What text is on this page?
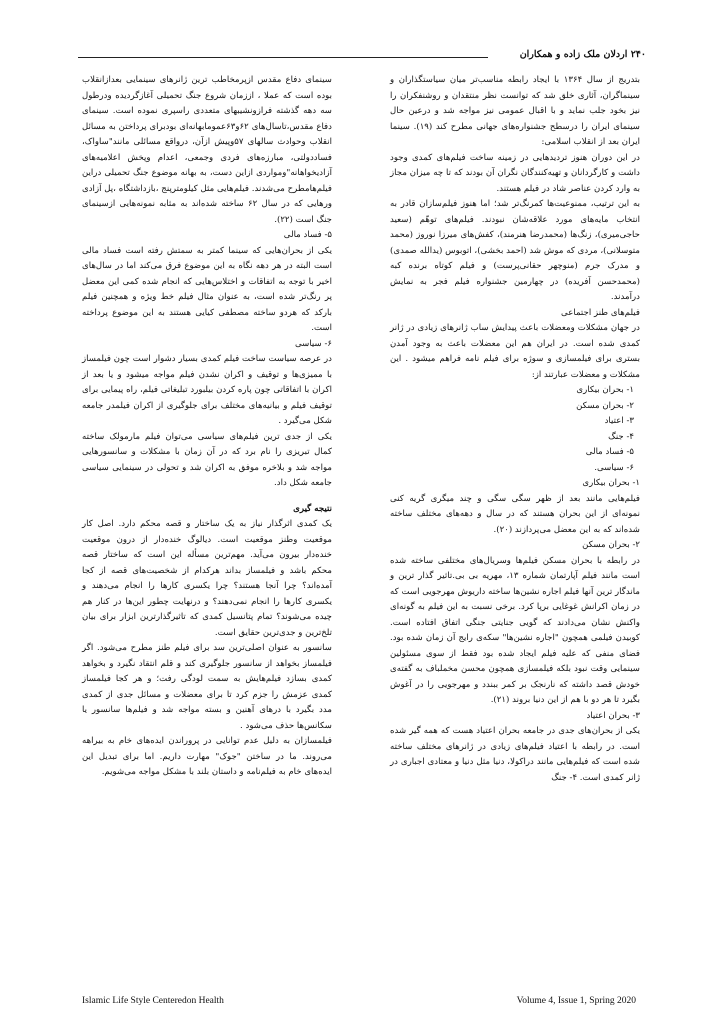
۲۴۰ اردلان ملک زاده و همکاران

بتدریج از سال ۱۳۶۴ با ایجاد رابطه مناسب‌تر میان سیاستگذاران و سینماگران، آثاری خلق شد که توانست نظر منتقدان و روشنفکران را نیز بخود جلب نماید و با اقبال عمومی نیز مواجه شد و درعین حال سینمای ایران را درسطح جشنواره‌های جهانی مطرح کند (۱۹). سینما ایران بعد از انقلاب اسلامی:

در این دوران هنوز تردیدهایی در زمینه ساخت فیلم‌های کمدی وجود داشت و کارگردانان و تهیه‌کنندگان نگران آن بودند که تا چه میزان مجاز به وارد کردن عناصر شاد در فیلم هستند.

به این ترتیب، ممنوعیت‌ها کمرنگ‌تر شد؛ اما هنوز فیلم‌سازان قادر به انتخاب مایه‌های مورد علاقه‌شان نبودند. فیلم‌های توهّم (سعید حاجی‌میری)، زنگ‌ها (محمدرضا هنرمند)، کفش‌های میرزا نوروز (محمد متوسلانی)، مردی که موش شد (احمد بخشی)، اتوبوس (یدالله صمدی) و مدرک جرم (منوچهر حقانی‌پرست) و فیلم کوتاه برنده کبه (محمدحسن آفریده) در چهارمین جشنواره فیلم فجر به نمایش درآمدند.

فیلم‌های طنز اجتماعی

در جهان مشکلات ومعضلات باعث پیدایش ساب ژانرهای زیادی در ژانر کمدی شده است. در ایران هم این معضلات باعث به وجود آمدن بستری برای فیلمسازی و سوژه برای فیلم نامه فراهم میشود . این مشکلات و معضلات عبارتند از:

۱- بحران بیکاری
۲- بحران مسکن
۳- اعتیاد
۴- جنگ
۵- فساد مالی
۶- سیاسی.

۱- بحران بیکاری

فیلم‌هایی مانند بعد از ظهر سگی سگی و چند میگری گریه کنی نمونه‌ای از این بحران هستند که در سال و دهه‌های مختلف ساخته شده‌اند که به این معضل می‌پردازند (۲۰).

۲- بحران مسکن

در رابطه با بحران مسکن فیلم‌ها وسریال‌های مختلفی ساخته شده است مانند فیلم آپارتمان شماره ۱۳، مهریه بی بی.تاثیر گذار ترین و ماندگار ترین آنها فیلم اجاره نشین‌ها ساخته داریوش مهرجویی است که در زمان اکرانش غوغایی برپا کرد. برخی نسبت به این فیلم به گونه‌ای واکنش نشان می‌دادند که گویی جنایتی جنگی اتفاق افتاده است. کوبیدن فیلمی همچون "اجاره نشین‌ها" سکه‌ی رایج آن زمان شده بود. فضای منفی که علیه فیلم ایجاد شده بود فقط از سوی مسئولین سینمایی وقت نبود بلکه فیلمسازی همچون محسن مخملباف به گفته‌ی خودش قصد داشته که نارنجک بر کمر ببندد و مهرجویی را در آغوش بگیرد تا هر دو با هم از این دنیا بروند (۲۱).

۳- بحران اعتیاد

یکی از بحران‌های جدی در جامعه بحران اعتیاد هست که همه گیر شده است. در رابطه با اعتیاد فیلم‌های زیادی در ژانرهای مختلف ساخته شده است که فیلم‌هایی مانند دراکولا، دنیا مثل دنیا و معتادی اجباری در ژانر کمدی است. ۴- جنگ

سینمای دفاع مقدس ازپرمخاطب ترین ژانرهای سینمایی بعدازانقلاب بوده است که عملا ، اززمان شروع جنگ تحمیلی آغازگردیده ودرطول سه دهه گذشته فرازونشیبهای متعددی راسپری نموده است. سینمای دفاع مقدس،تاسال‌های ۶۲و۶۳عمومابهانه‌ای بودبرای پرداختن به مسائل انقلاب وحوادث سالهای ۵۷وپیش ازآن، درواقع مسائلی مانند"ساواک، فساددولتی، مبارزه‌های فردی وجمعی، اعدام وپخش اعلامیه‌های آزادیخواهانه"ومواردی ازاین دست، به بهانه موضوع جنگ تحمیلی دراین فیلم‌هامطرح می‌شدند. فیلم‌هایی مثل کیلومترپنج ،بازداشتگاه ،پل آزادی ورهایی که در سال ۶۲ ساخته شده‌اند به مثابه نمونه‌هایی ازسینمای جنگ است (۲۲).

۵- فساد مالی

یکی از بحران‌هایی که سینما کمتر به سمتش رفته است فساد مالی است البته در هر دهه نگاه به این موضوع فرق می‌کند اما در سال‌های اخیر با توجه به اتفاقات و اختلاس‌هایی که انجام شده کمی این معضل پر رنگ‌تر شده است، به عنوان مثال فیلم خط ویژه و همچنین فیلم بارکد که هردو ساخته مصطفی کیایی هستند به این موضوع پرداخته است.

۶- سیاسی

در عرصه سیاست ساخت فیلم کمدی بسیار دشوار است چون فیلمساز با ممیزی‌ها و توقیف و اکران نشدن فیلم مواجه میشود و یا بعد از اکران با اتفاقاتی چون پاره کردن بیلبورد تبلیغاتی فیلم، راه پیمایی برای توقیف فیلم و بیانیه‌های مختلف برای جلوگیری از اکران فیلمدر جامعه شکل می‌گیرد .

یکی از جدی ترین فیلم‌های سیاسی می‌توان فیلم مارمولک ساخته کمال تبریزی را نام برد که در آن زمان با مشکلات و سانسورهایی مواجه شد و بلاخره موفق به اکران شد و تحولی در سینمایی سیاسی جامعه شکل داد.

نتیجه گیری

یک کمدی اثرگذار نیاز به یک ساختار و قصه محکم دارد. اصل کار موقعیت وطنز موقعیت است. دیالوگ خنده‌دار از درون موقعیت خنده‌دار بیرون می‌آید. مهم‌ترین مسأله این است که ساختار قصه محکم باشد و فیلمساز بداند هرکدام از شخصیت‌های قصه از کجا آمده‌اند؟ چرا آنجا هستند؟ چرا یکسری کارها را انجام می‌دهند و یکسری کارها را انجام نمی‌دهند؟ و درنهایت چطور این‌ها در کنار هم چیده می‌شوند؟ تمام پتانسیل کمدی که تاثیرگذارترین ابزار برای بیان تلخ‌ترین و جدی‌ترین حقایق است.

سانسور به عنوان اصلی‌ترین سد برای فیلم طنز مطرح می‌شود. اگر فیلمساز بخواهد از سانسور جلوگیری کند و قلم انتقاد نگیرد و بخواهد کمدی بسازد فیلم‌هایش به سمت لودگی رفت؛ و هر کجا فیلمساز کمدی عزمش را جزم کرد تا برای معضلات و مسائل جدی از کمدی مدد بگیرد با درهای آهنین و بسته مواجه شد و فیلم‌ها سانسور یا سکانس‌ها حذف می‌شود .

فیلمسازان به دلیل عدم توانایی در پروراندن ایده‌های خام به بیراهه می‌روند. ما در ساختن "جوک" مهارت داریم. اما برای تبدیل این ایده‌های خام به فیلم‌نامه و داستان بلند با مشکل مواجه می‌شویم.

Islamic Life Style Centeredon Health	Volume 4, Issue 1, Spring 2020
